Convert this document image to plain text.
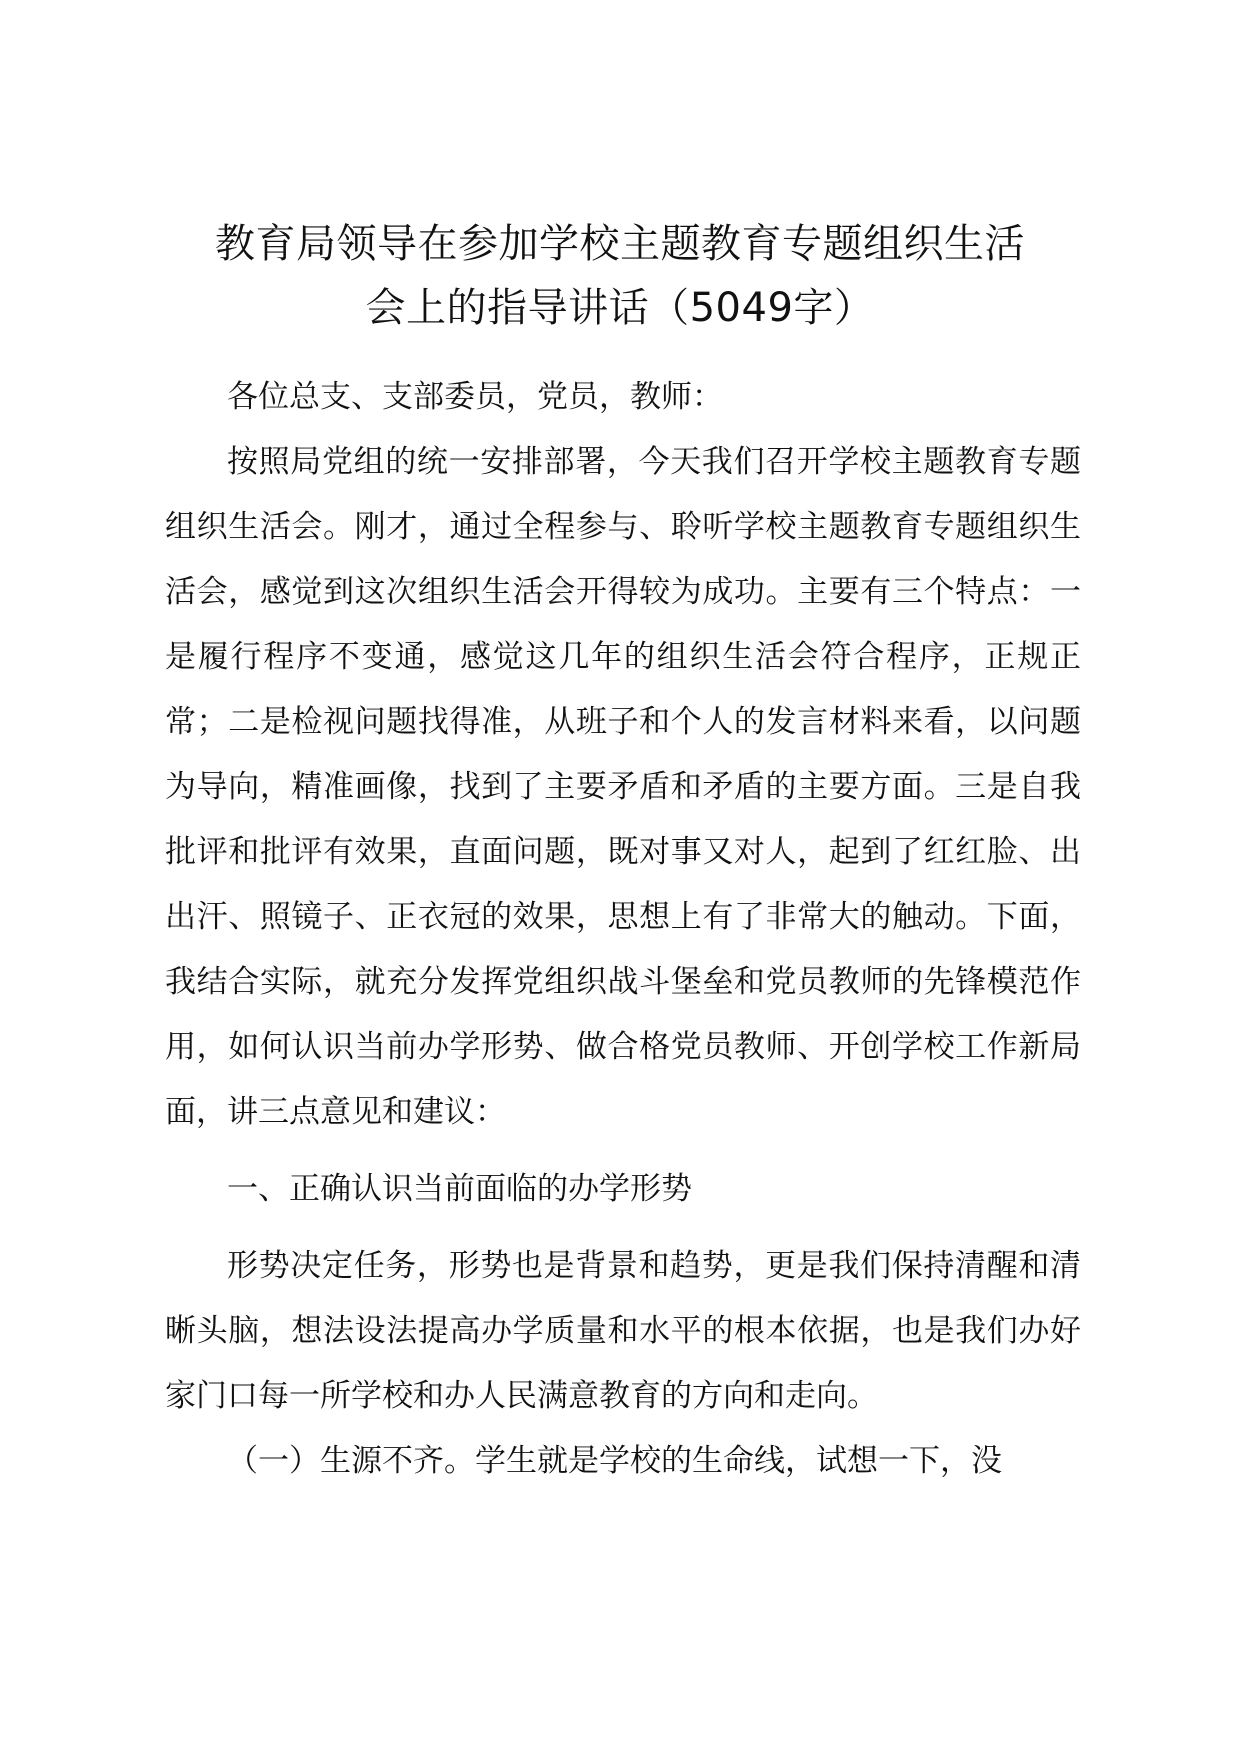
教育局领导在参加学校主题教育专题组织生活
会上的指导讲话（5049字）

各位总支、支部委员，党员，教师：

按照局党组的统一安排部署，今天我们召开学校主题教育专题组织生活会。刚才，通过全程参与、聆听学校主题教育专题组织生活会，感觉到这次组织生活会开得较为成功。主要有三个特点：一是履行程序不变通，感觉这几年的组织生活会符合程序，正规正常；二是检视问题找得准，从班子和个人的发言材料来看，以问题为导向，精准画像，找到了主要矛盾和矛盾的主要方面。三是自我批评和批评有效果，直面问题，既对事又对人，起到了红红脸、出出汗、照镜子、正衣冠的效果，思想上有了非常大的触动。下面，我结合实际，就充分发挥党组织战斗堡垒和党员教师的先锋模范作用，如何认识当前办学形势、做合格党员教师、开创学校工作新局面，讲三点意见和建议：

一、正确认识当前面临的办学形势

形势决定任务，形势也是背景和趋势，更是我们保持清醒和清晰头脑，想法设法提高办学质量和水平的根本依据，也是我们办好家门口每一所学校和办人民满意教育的方向和走向。

（一）生源不齐。学生就是学校的生命线，试想一下，没
